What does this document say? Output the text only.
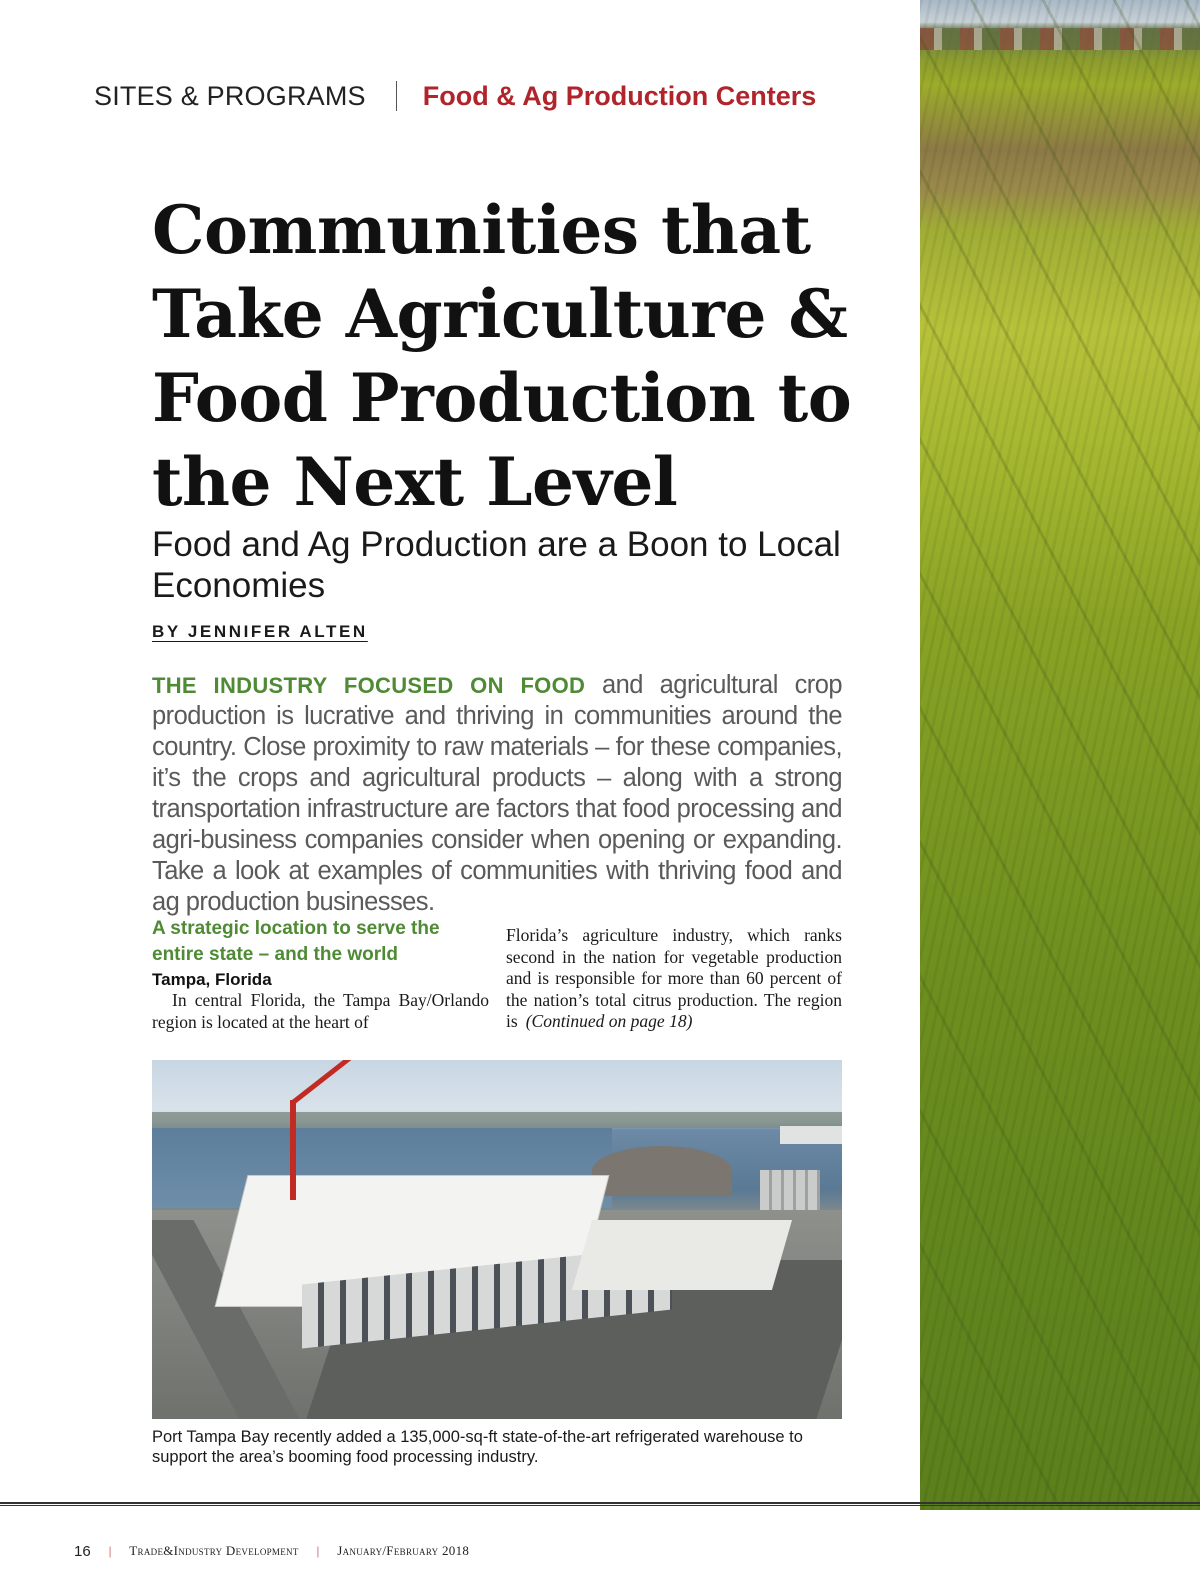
SITES & PROGRAMS Food & Ag Production Centers
Communities that Take Agriculture & Food Production to the Next Level
Food and Ag Production are a Boon to Local Economies
BY JENNIFER ALTEN

THE INDUSTRY FOCUSED ON FOOD and agricultural crop production is lucrative and thriving in communities around the country. Close proximity to raw materials – for these companies, it’s the crops and agricultural products – along with a strong transportation infrastructure are factors that food processing and agri-business companies consider when opening or expanding. Take a look at examples of communities with thriving food and ag production businesses.

A strategic location to serve the entire state – and the world

Tampa, Florida

In central Florida, the Tampa Bay/Orlando region is located at the heart of

Florida’s agriculture industry, which ranks second in the nation for vegetable production and is responsible for more than 60 percent of the nation’s total citrus production. The region is (Continued on page 18)

Port Tampa Bay recently added a 135,000-sq-ft state-of-the-art refrigerated warehouse to support the area’s booming food processing industry.

16 | Trade&Industry Development | January/February 2018
